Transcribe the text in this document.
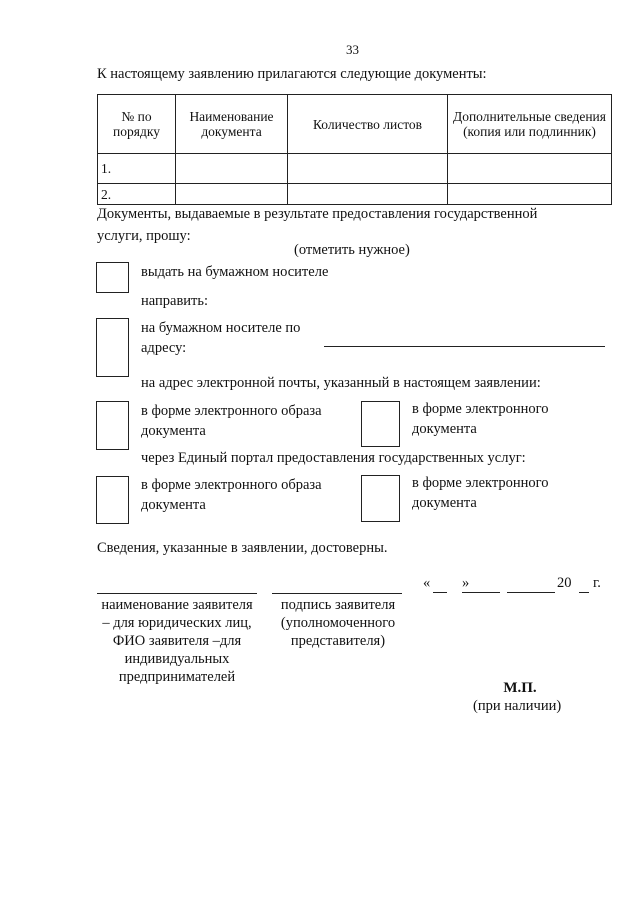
33
К настоящему заявлению прилагаются следующие документы:
№ по порядку	Наименование документа	Количество листов	Дополнительные сведения (копия или подлинник)
1.			
2.			
Документы, выдаваемые в результате предоставления государственной
услуги, прошу:
(отметить нужное)
выдать на бумажном носителе
направить:
на бумажном носителе по
адресу:
на адрес электронной почты, указанный в настоящем заявлении:
в форме электронного образа
документа
в форме электронного
документа
через Единый портал предоставления государственных услуг:
в форме электронного образа
документа
в форме электронного
документа
Сведения, указанные в заявлении, достоверны.
« »	20 г.
наименование заявителя
– для юридических лиц,
ФИО заявителя –для
индивидуальных
предпринимателей
подпись заявителя
(уполномоченного
представителя)
М.П.
(при наличии)
